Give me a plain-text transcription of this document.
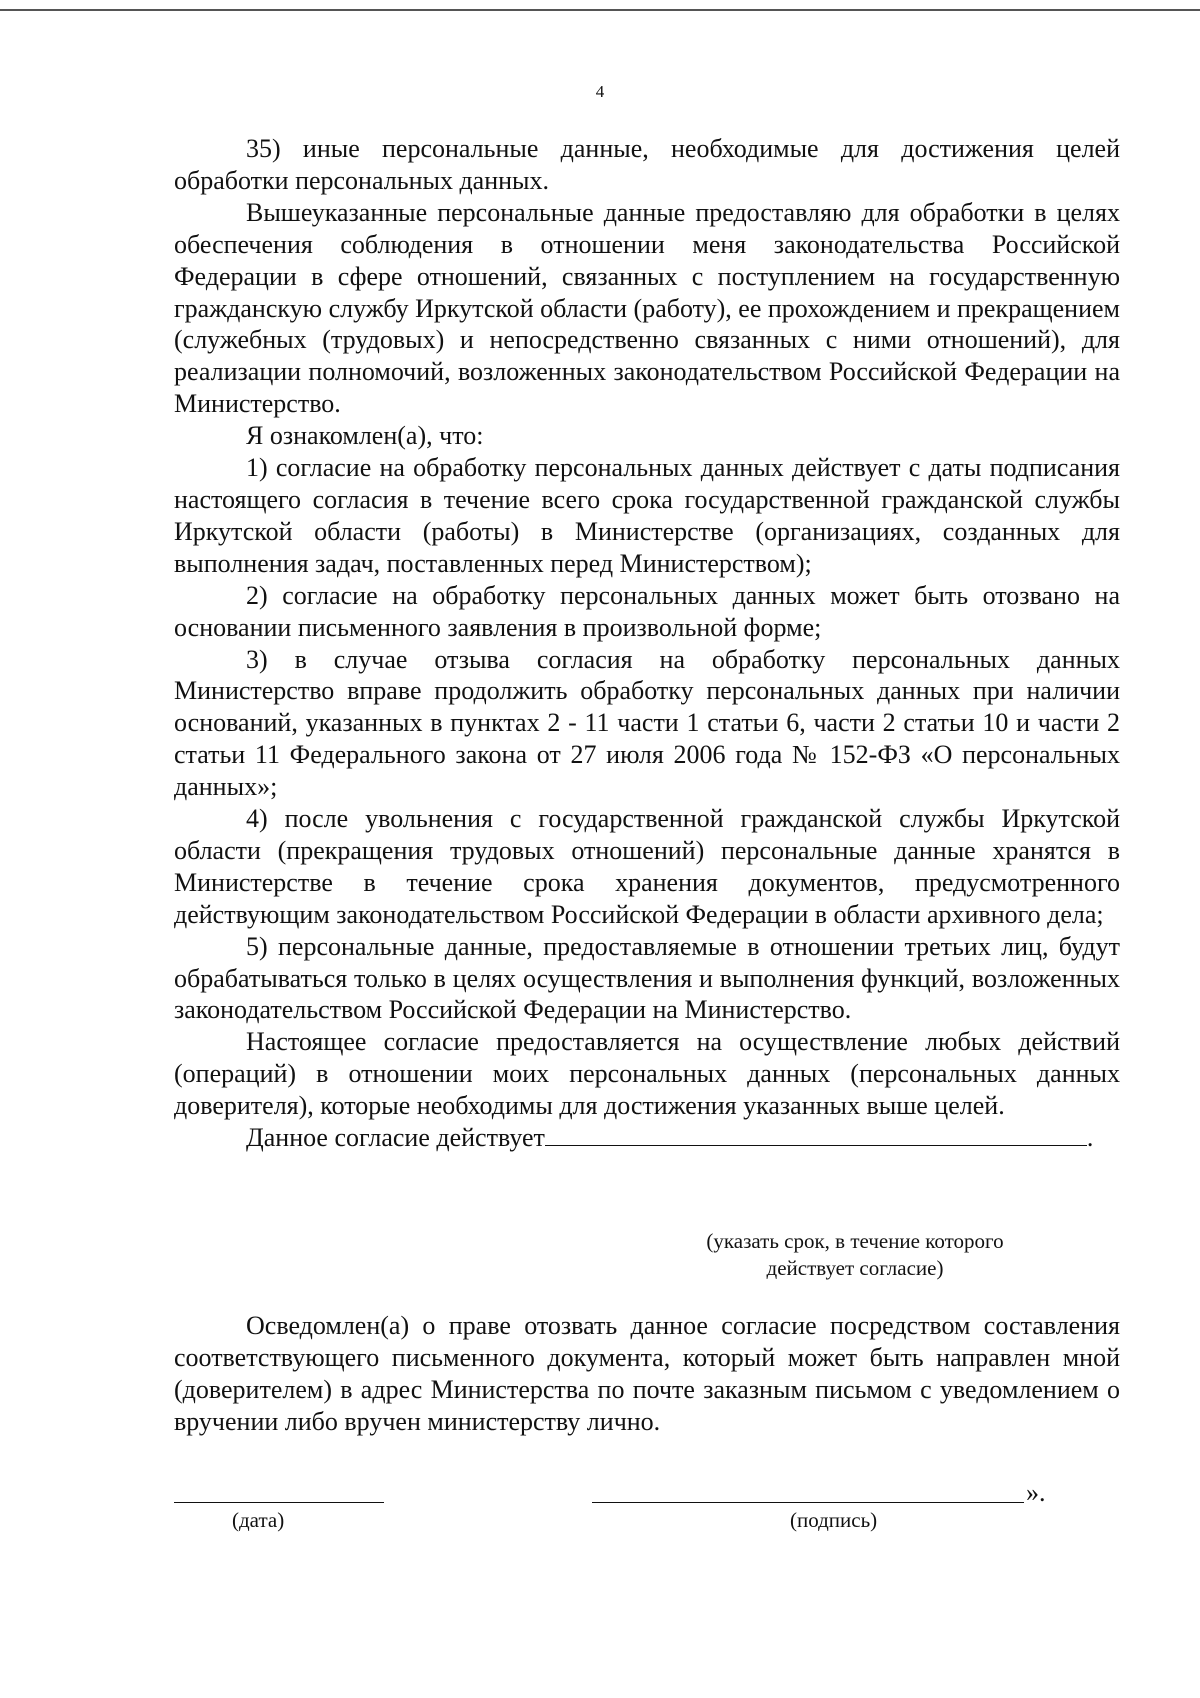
4

35) иные персональные данные, необходимые для достижения целей обработки персональных данных.

Вышеуказанные персональные данные предоставляю для обработки в целях обеспечения соблюдения в отношении меня законодательства Российской Федерации в сфере отношений, связанных с поступлением на государственную гражданскую службу Иркутской области (работу), ее прохождением и прекращением (служебных (трудовых) и непосредственно связанных с ними отношений), для реализации полномочий, возложенных законодательством Российской Федерации на Министерство.

Я ознакомлен(а), что:

1) согласие на обработку персональных данных действует с даты подписания настоящего согласия в течение всего срока государственной гражданской службы Иркутской области (работы) в Министерстве (организациях, созданных для выполнения задач, поставленных перед Министерством);

2) согласие на обработку персональных данных может быть отозвано на основании письменного заявления в произвольной форме;

3) в случае отзыва согласия на обработку персональных данных Министерство вправе продолжить обработку персональных данных при наличии оснований, указанных в пунктах 2 - 11 части 1 статьи 6, части 2 статьи 10 и части 2 статьи 11 Федерального закона от 27 июля 2006 года № 152-ФЗ «О персональных данных»;

4) после увольнения с государственной гражданской службы Иркутской области (прекращения трудовых отношений) персональные данные хранятся в Министерстве в течение срока хранения документов, предусмотренного действующим законодательством Российской Федерации в области архивного дела;

5) персональные данные, предоставляемые в отношении третьих лиц, будут обрабатываться только в целях осуществления и выполнения функций, возложенных законодательством Российской Федерации на Министерство.

Настоящее согласие предоставляется на осуществление любых действий (операций) в отношении моих персональных данных (персональных данных доверителя), которые необходимы для достижения указанных выше целей.

Данное согласие действует	.

(указать срок, в течение которого
действует согласие)

Осведомлен(а) о праве отозвать данное согласие посредством составления соответствующего письменного документа, который может быть направлен мной (доверителем) в адрес Министерства по почте заказным письмом с уведомлением о вручении либо вручен министерству лично.

».
(дата)	(подпись)
